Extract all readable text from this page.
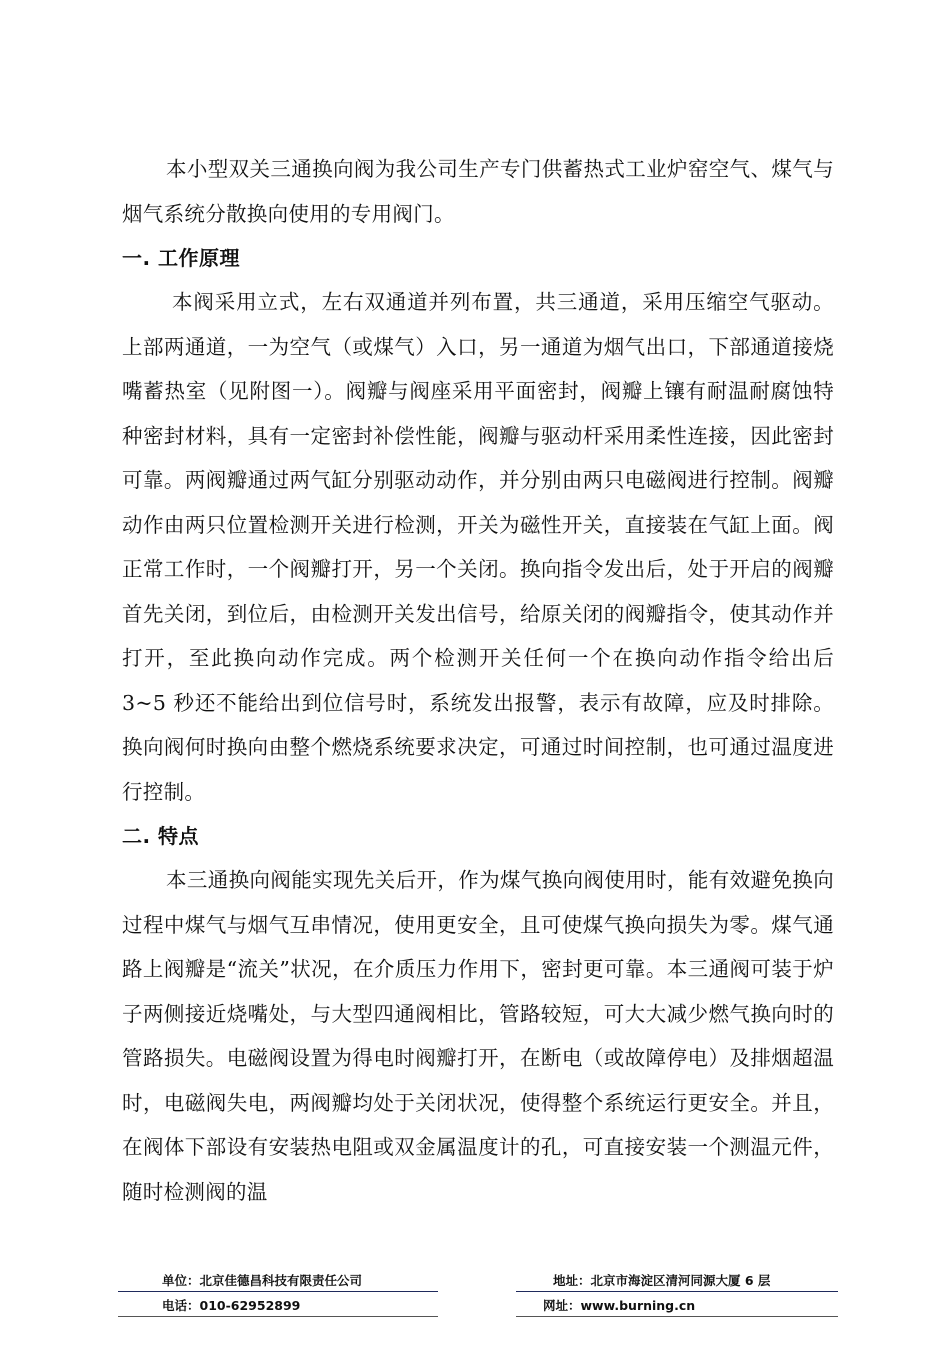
本小型双关三通换向阀为我公司生产专门供蓄热式工业炉窑空气、煤气与烟气系统分散换向使用的专用阀门。

一. 工作原理

本阀采用立式，左右双通道并列布置，共三通道，采用压缩空气驱动。上部两通道，一为空气（或煤气）入口，另一通道为烟气出口，下部通道接烧嘴蓄热室（见附图一）。阀瓣与阀座采用平面密封，阀瓣上镶有耐温耐腐蚀特种密封材料，具有一定密封补偿性能，阀瓣与驱动杆采用柔性连接，因此密封可靠。两阀瓣通过两气缸分别驱动动作，并分别由两只电磁阀进行控制。阀瓣动作由两只位置检测开关进行检测，开关为磁性开关，直接装在气缸上面。阀正常工作时，一个阀瓣打开，另一个关闭。换向指令发出后，处于开启的阀瓣首先关闭，到位后，由检测开关发出信号，给原关闭的阀瓣指令，使其动作并打开，至此换向动作完成。两个检测开关任何一个在换向动作指令给出后 3~5 秒还不能给出到位信号时，系统发出报警，表示有故障，应及时排除。换向阀何时换向由整个燃烧系统要求决定，可通过时间控制，也可通过温度进行控制。

二. 特点

本三通换向阀能实现先关后开，作为煤气换向阀使用时，能有效避免换向过程中煤气与烟气互串情况，使用更安全，且可使煤气换向损失为零。煤气通路上阀瓣是“流关”状况，在介质压力作用下，密封更可靠。本三通阀可装于炉子两侧接近烧嘴处，与大型四通阀相比，管路较短，可大大减少燃气换向时的管路损失。电磁阀设置为得电时阀瓣打开，在断电（或故障停电）及排烟超温时，电磁阀失电，两阀瓣均处于关闭状况，使得整个系统运行更安全。并且，在阀体下部设有安装热电阻或双金属温度计的孔，可直接安装一个测温元件，随时检测阀的温

单位：北京佳德昌科技有限责任公司	地址：北京市海淀区清河同源大厦 6 层
电话：010-62952899	网址：www.burning.cn
